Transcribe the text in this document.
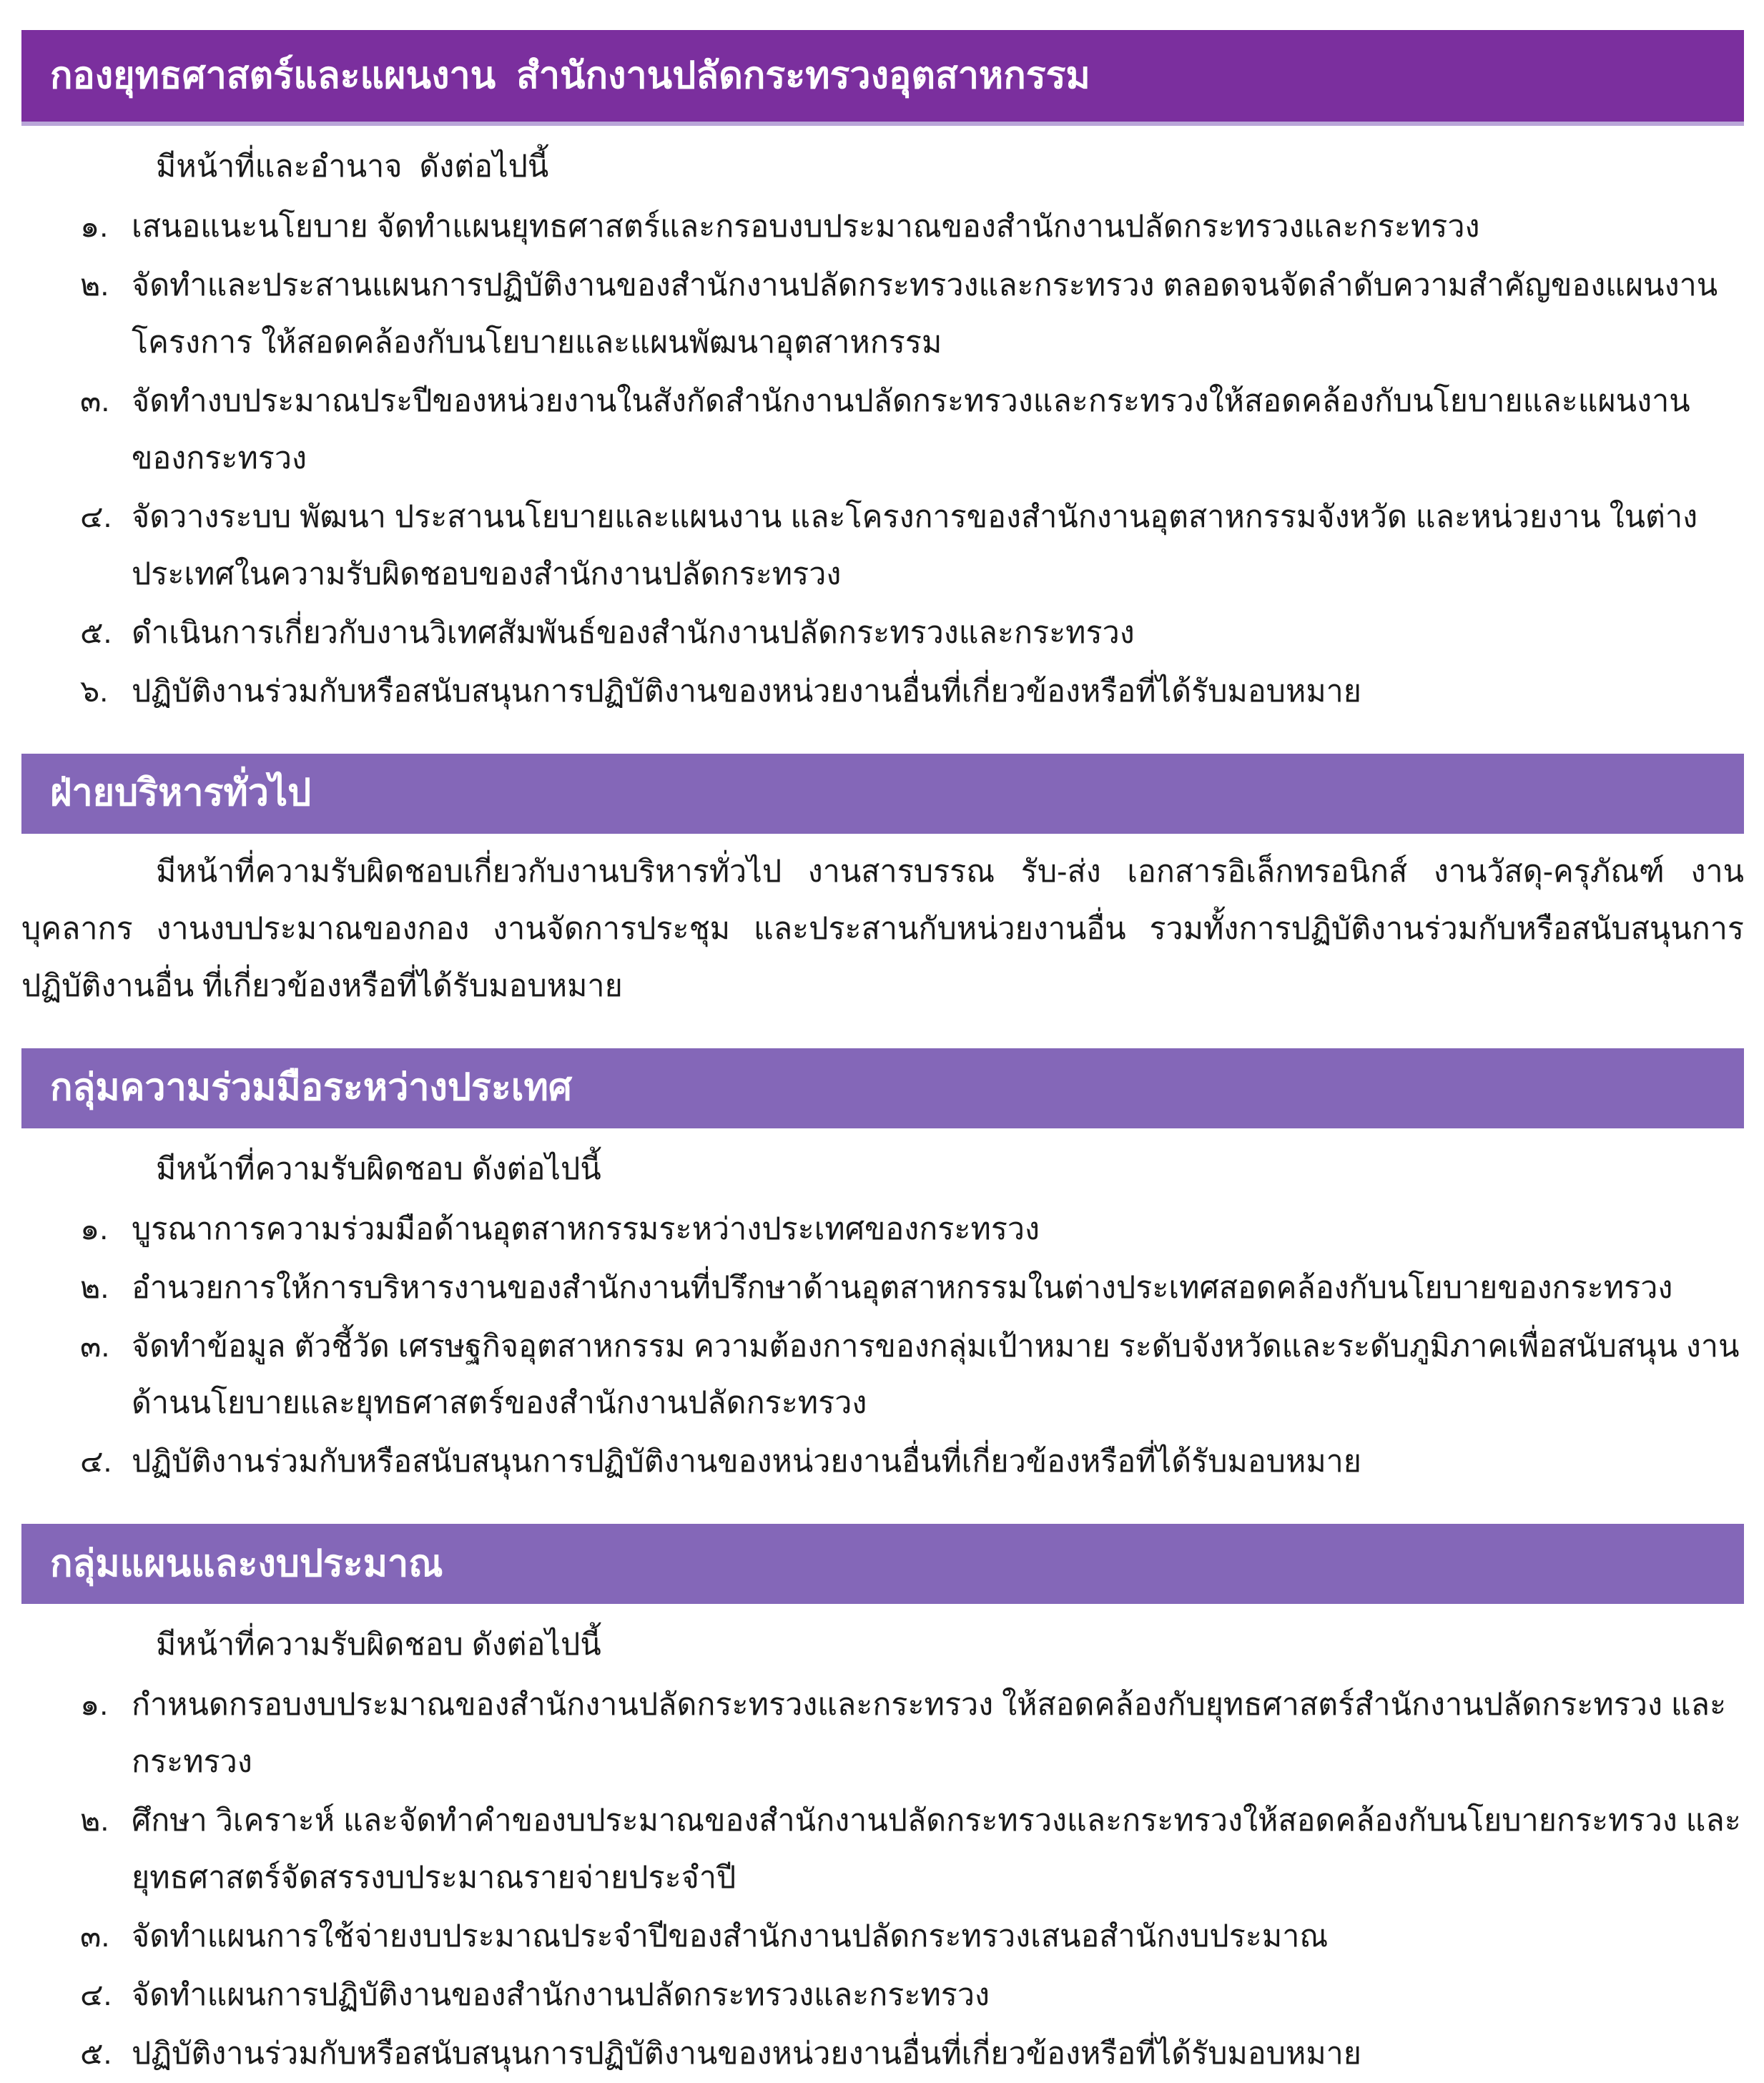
กองยุทธศาสตร์และแผนงาน  สำนักงานปลัดกระทรวงอุตสาหกรรม

มีหน้าที่และอำนาจ  ดังต่อไปนี้

๑. เสนอแนะนโยบาย จัดทำแผนยุทธศาสตร์และกรอบงบประมาณของสำนักงานปลัดกระทรวงและกระทรวง
๒. จัดทำและประสานแผนการปฏิบัติงานของสำนักงานปลัดกระทรวงและกระทรวง ตลอดจนจัดลำดับความสำคัญของแผนงาน โครงการ ให้สอดคล้องกับนโยบายและแผนพัฒนาอุตสาหกรรม
๓. จัดทำงบประมาณประปีของหน่วยงานในสังกัดสำนักงานปลัดกระทรวงและกระทรวงให้สอดคล้องกับนโยบายและแผนงาน ของกระทรวง
๔. จัดวางระบบ พัฒนา ประสานนโยบายและแผนงาน และโครงการของสำนักงานอุตสาหกรรมจังหวัด และหน่วยงาน ในต่างประเทศในความรับผิดชอบของสำนักงานปลัดกระทรวง
๕. ดำเนินการเกี่ยวกับงานวิเทศสัมพันธ์ของสำนักงานปลัดกระทรวงและกระทรวง
๖. ปฏิบัติงานร่วมกับหรือสนับสนุนการปฏิบัติงานของหน่วยงานอื่นที่เกี่ยวข้องหรือที่ได้รับมอบหมาย
ฝ่ายบริหารทั่วไป

มีหน้าที่ความรับผิดชอบเกี่ยวกับงานบริหารทั่วไป งานสารบรรณ รับ-ส่ง เอกสารอิเล็กทรอนิกส์ งานวัสดุ-ครุภัณฑ์ งานบุคลากร งานงบประมาณของกอง งานจัดการประชุม และประสานกับหน่วยงานอื่น รวมทั้งการปฏิบัติงานร่วมกับหรือสนับสนุนการปฏิบัติงานอื่น ที่เกี่ยวข้องหรือที่ได้รับมอบหมาย

กลุ่มความร่วมมือระหว่างประเทศ

มีหน้าที่ความรับผิดชอบ ดังต่อไปนี้

๑. บูรณาการความร่วมมือด้านอุตสาหกรรมระหว่างประเทศของกระทรวง
๒. อำนวยการให้การบริหารงานของสำนักงานที่ปรึกษาด้านอุตสาหกรรมในต่างประเทศสอดคล้องกับนโยบายของกระทรวง
๓. จัดทำข้อมูล ตัวชี้วัด เศรษฐกิจอุตสาหกรรม ความต้องการของกลุ่มเป้าหมาย ระดับจังหวัดและระดับภูมิภาคเพื่อสนับสนุน งานด้านนโยบายและยุทธศาสตร์ของสำนักงานปลัดกระทรวง
๔. ปฏิบัติงานร่วมกับหรือสนับสนุนการปฏิบัติงานของหน่วยงานอื่นที่เกี่ยวข้องหรือที่ได้รับมอบหมาย
กลุ่มแผนและงบประมาณ

มีหน้าที่ความรับผิดชอบ ดังต่อไปนี้

๑. กำหนดกรอบงบประมาณของสำนักงานปลัดกระทรวงและกระทรวง ให้สอดคล้องกับยุทธศาสตร์สำนักงานปลัดกระทรวง และกระทรวง
๒. ศึกษา วิเคราะห์ และจัดทำคำของบประมาณของสำนักงานปลัดกระทรวงและกระทรวงให้สอดคล้องกับนโยบายกระทรวง และยุทธศาสตร์จัดสรรงบประมาณรายจ่ายประจำปี
๓. จัดทำแผนการใช้จ่ายงบประมาณประจำปีของสำนักงานปลัดกระทรวงเสนอสำนักงบประมาณ
๔. จัดทำแผนการปฏิบัติงานของสำนักงานปลัดกระทรวงและกระทรวง
๕. ปฏิบัติงานร่วมกับหรือสนับสนุนการปฏิบัติงานของหน่วยงานอื่นที่เกี่ยวข้องหรือที่ได้รับมอบหมาย
